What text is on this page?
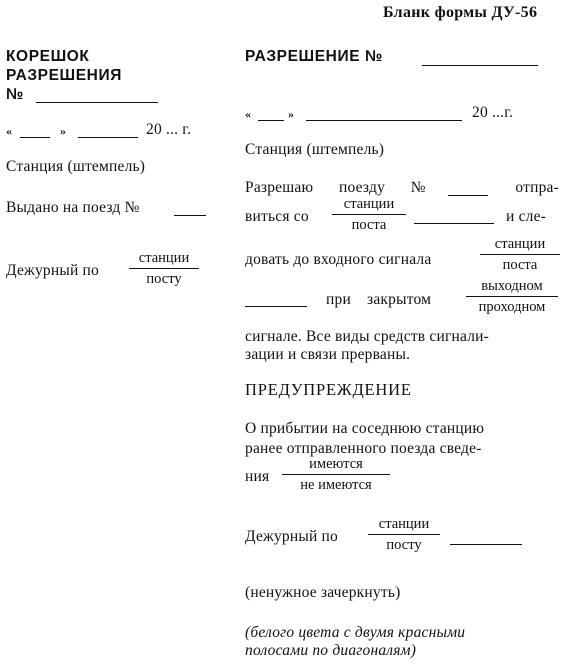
Бланк формы ДУ-56
КОРЕШОК
РАЗРЕШЕНИЯ
№
«	»	20 ... г.
Станция (штемпель)
Выдано на поезд №
Дежурный по
станции
посту
РАЗРЕШЕНИЕ №
«	»	20 ...г.
Станция (штемпель)
Разрешаю поезду №	отпра-
виться со
станции
поста	и сле-
довать до входного сигнала
станции
поста
при закрытом
выходном
проходном
сигнале. Все виды средств сигнали-
зации и связи прерваны.
ПРЕДУПРЕЖДЕНИЕ
О прибытии на соседнюю станцию
ранее отправленного поезда сведе-
ния
имеются
не имеются
Дежурный по
станции
посту
(ненужное зачеркнуть)
(белого цвета с двумя красными
полосами по диагоналям)
